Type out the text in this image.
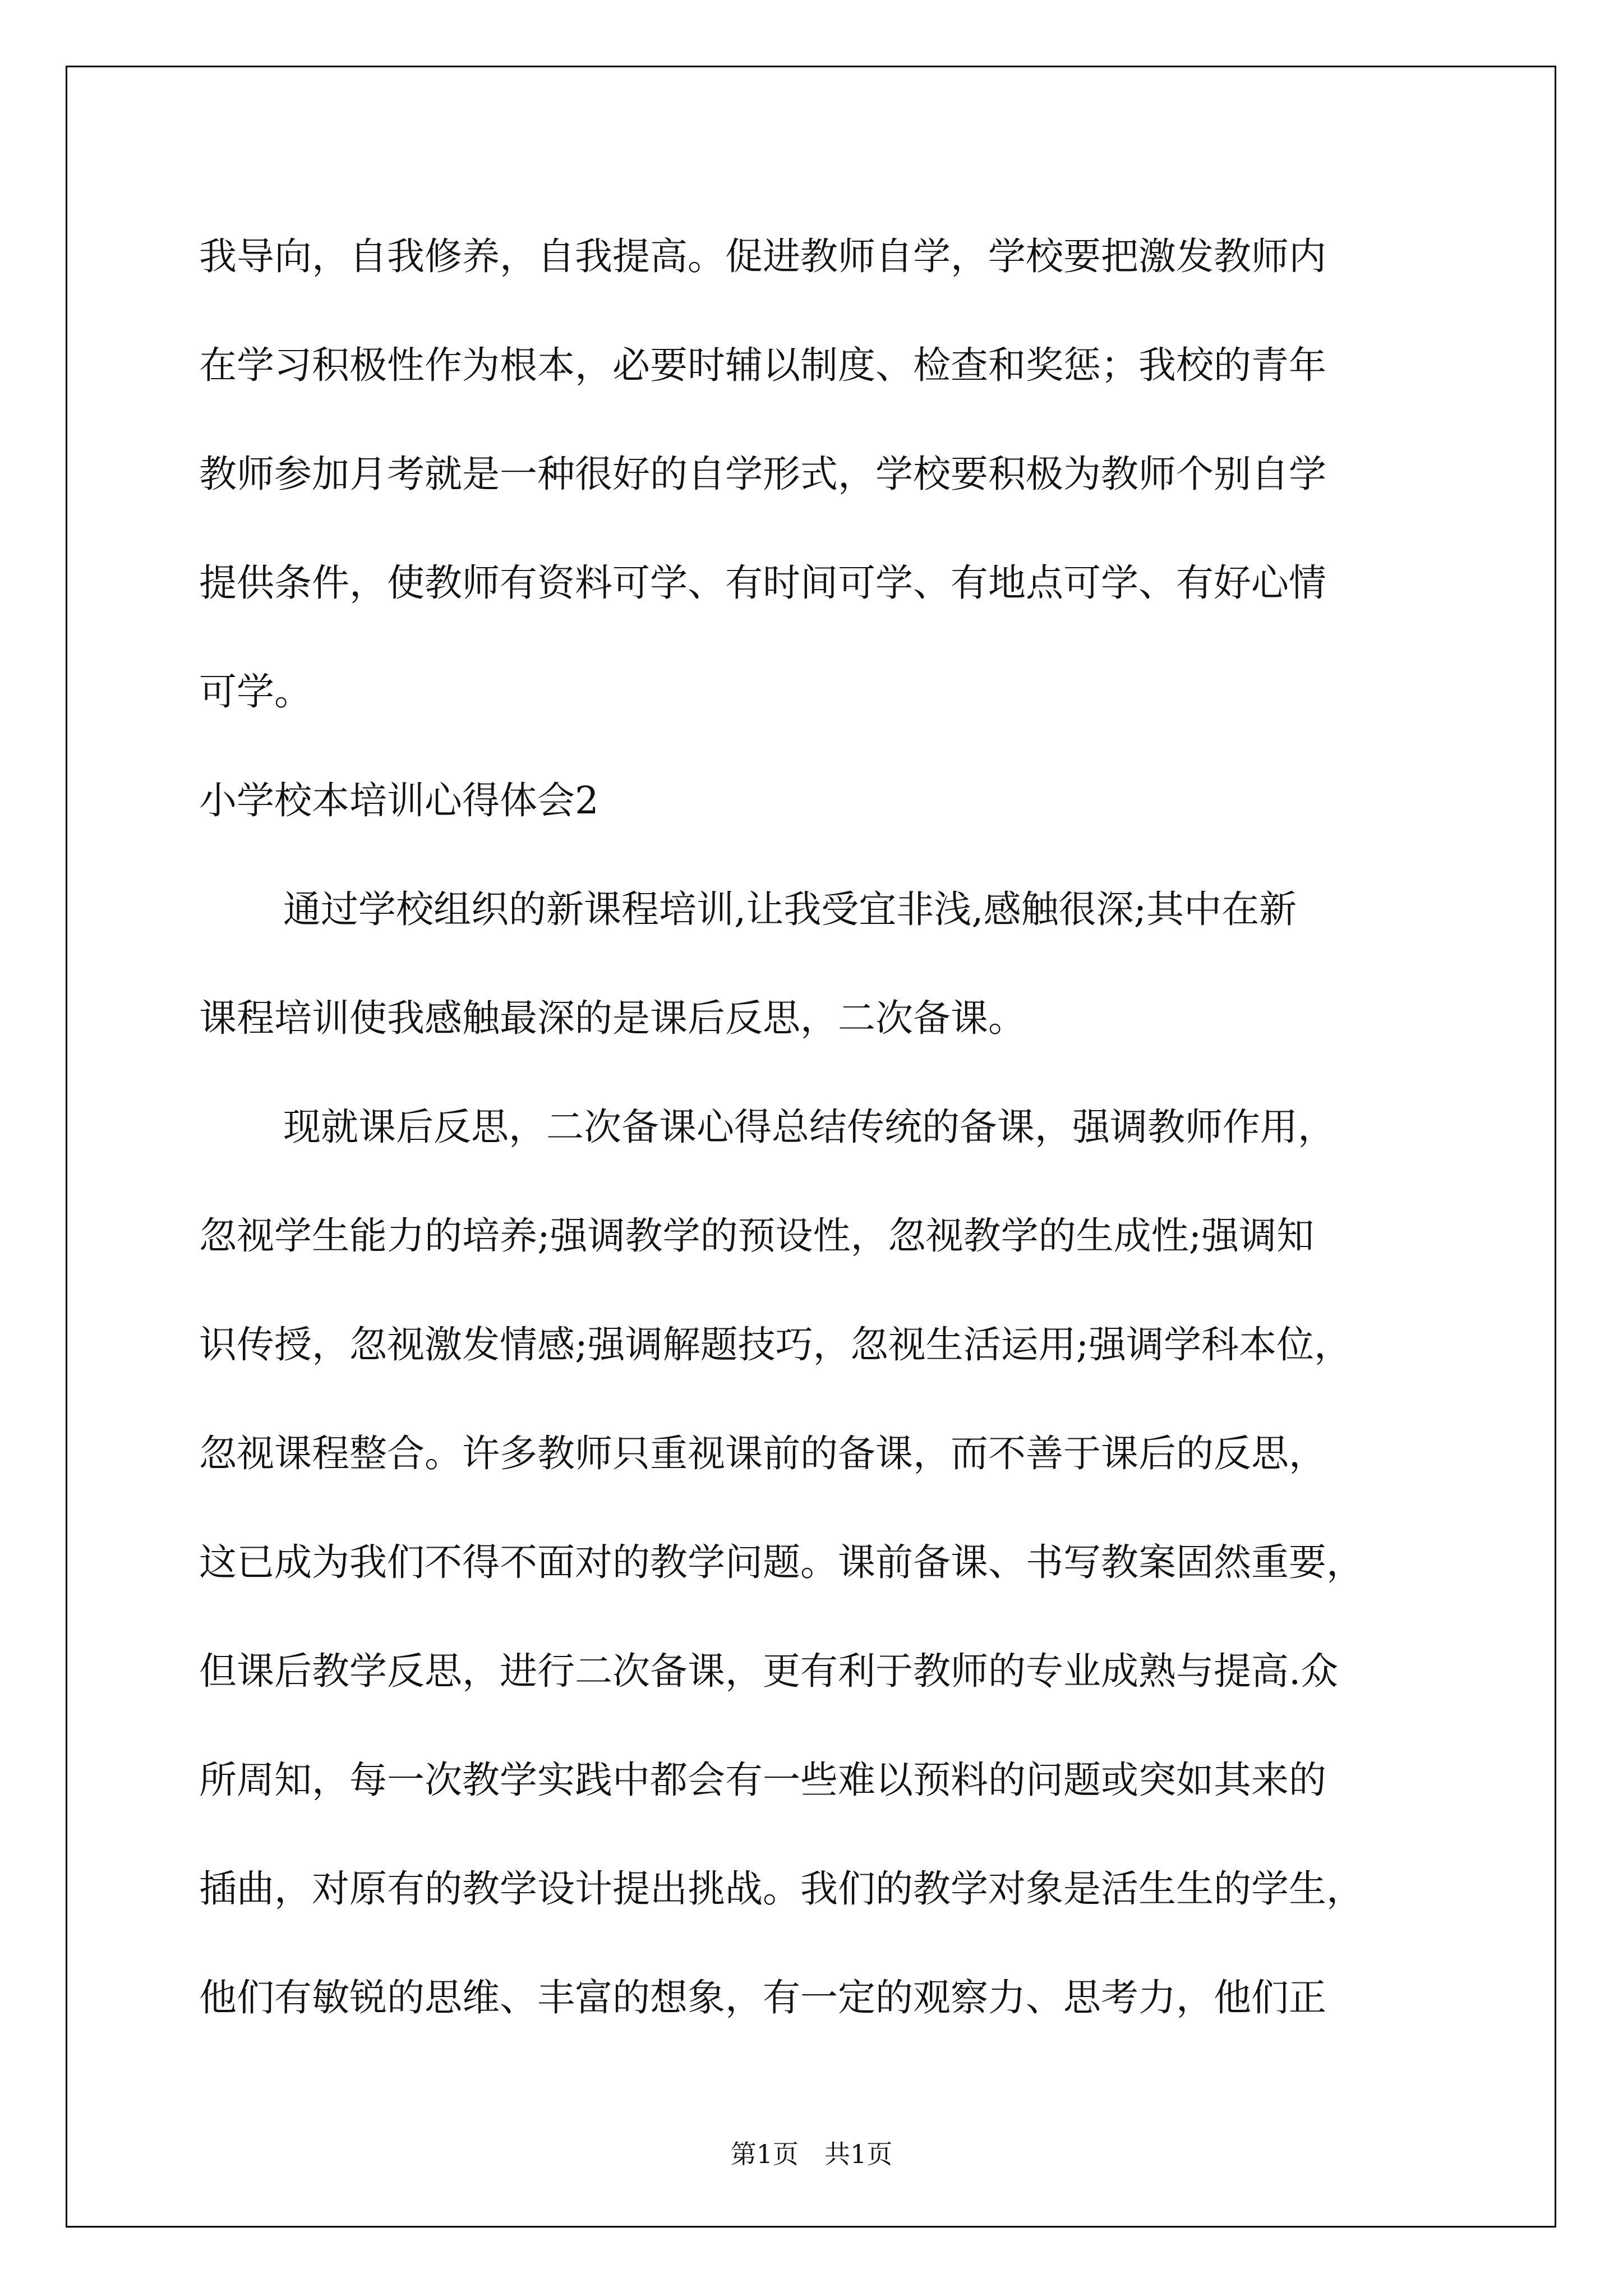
我导向，自我修养，自我提高。促进教师自学，学校要把激发教师内
在学习积极性作为根本，必要时辅以制度、检查和奖惩；我校的青年
教师参加月考就是一种很好的自学形式，学校要积极为教师个别自学
提供条件，使教师有资料可学、有时间可学、有地点可学、有好心情
可学。
小学校本培训心得体会2
通过学校组织的新课程培训,让我受宜非浅,感触很深;其中在新
课程培训使我感触最深的是课后反思，二次备课。
现就课后反思，二次备课心得总结传统的备课，强调教师作用，
忽视学生能力的培养;强调教学的预设性，忽视教学的生成性;强调知
识传授，忽视激发情感;强调解题技巧，忽视生活运用;强调学科本位，
忽视课程整合。许多教师只重视课前的备课，而不善于课后的反思，
这已成为我们不得不面对的教学问题。课前备课、书写教案固然重要，
但课后教学反思，进行二次备课，更有利于教师的专业成熟与提高.众
所周知，每一次教学实践中都会有一些难以预料的问题或突如其来的
插曲，对原有的教学设计提出挑战。我们的教学对象是活生生的学生，
他们有敏锐的思维、丰富的想象，有一定的观察力、思考力，他们正
第1页　共1页
